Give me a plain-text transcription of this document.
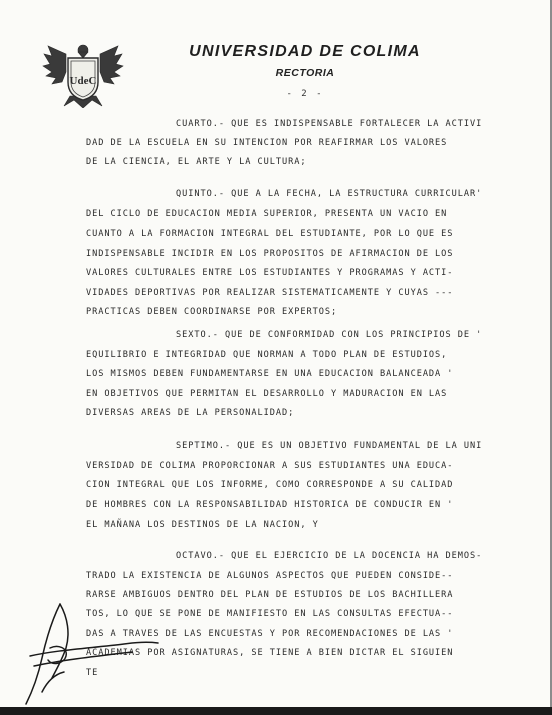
UdeC
UNIVERSIDAD DE COLIMA
RECTORIA
- 2 -
CUARTO.- QUE ES INDISPENSABLE FORTALECER LA ACTIVI
DAD DE LA ESCUELA EN SU INTENCION POR REAFIRMAR LOS VALORES
DE LA CIENCIA, EL ARTE Y LA CULTURA;
QUINTO.- QUE A LA FECHA, LA ESTRUCTURA CURRICULAR'
DEL CICLO DE EDUCACION MEDIA SUPERIOR, PRESENTA UN VACIO EN
CUANTO A LA FORMACION INTEGRAL DEL ESTUDIANTE, POR LO QUE ES
INDISPENSABLE INCIDIR EN LOS PROPOSITOS DE AFIRMACION DE LOS
VALORES CULTURALES ENTRE LOS ESTUDIANTES Y PROGRAMAS Y ACTI-
VIDADES DEPORTIVAS POR REALIZAR SISTEMATICAMENTE Y CUYAS ---
PRACTICAS DEBEN COORDINARSE POR EXPERTOS;
SEXTO.- QUE DE CONFORMIDAD CON LOS PRINCIPIOS DE '
EQUILIBRIO E INTEGRIDAD QUE NORMAN A TODO PLAN DE ESTUDIOS,
LOS MISMOS DEBEN FUNDAMENTARSE EN UNA EDUCACION BALANCEADA '
EN OBJETIVOS QUE PERMITAN EL DESARROLLO Y MADURACION EN LAS
DIVERSAS AREAS DE LA PERSONALIDAD;
SEPTIMO.- QUE ES UN OBJETIVO FUNDAMENTAL DE LA UNI
VERSIDAD DE COLIMA PROPORCIONAR A SUS ESTUDIANTES UNA EDUCA-
CION INTEGRAL QUE LOS INFORME, COMO CORRESPONDE A SU CALIDAD
DE HOMBRES CON LA RESPONSABILIDAD HISTORICA DE CONDUCIR EN '
EL MAÑANA LOS DESTINOS DE LA NACION, Y
OCTAVO.- QUE EL EJERCICIO DE LA DOCENCIA HA DEMOS-
TRADO LA EXISTENCIA DE ALGUNOS ASPECTOS QUE PUEDEN CONSIDE--
RARSE AMBIGUOS DENTRO DEL PLAN DE ESTUDIOS DE LOS BACHILLERA
TOS, LO QUE SE PONE DE MANIFIESTO EN LAS CONSULTAS EFECTUA--
DAS A TRAVES DE LAS ENCUESTAS Y POR RECOMENDACIONES DE LAS '
ACADEMIAS POR ASIGNATURAS, SE TIENE A BIEN DICTAR EL SIGUIEN
TE
